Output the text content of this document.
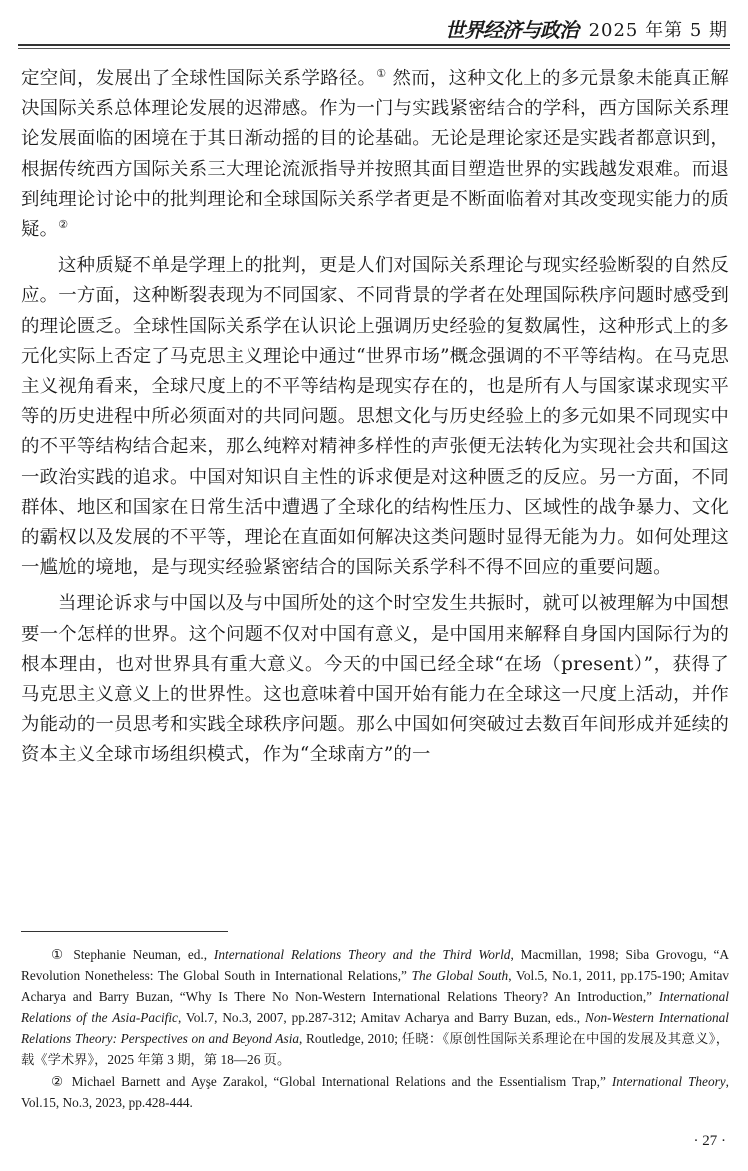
世界经济与政治 2025 年第 5 期

定空间，发展出了全球性国际关系学路径。① 然而，这种文化上的多元景象未能真正解决国际关系总体理论发展的迟滞感。作为一门与实践紧密结合的学科，西方国际关系理论发展面临的困境在于其日渐动摇的目的论基础。无论是理论家还是实践者都意识到，根据传统西方国际关系三大理论流派指导并按照其面目塑造世界的实践越发艰难。而退到纯理论讨论中的批判理论和全球国际关系学者更是不断面临着对其改变现实能力的质疑。②

这种质疑不单是学理上的批判，更是人们对国际关系理论与现实经验断裂的自然反应。一方面，这种断裂表现为不同国家、不同背景的学者在处理国际秩序问题时感受到的理论匮乏。全球性国际关系学在认识论上强调历史经验的复数属性，这种形式上的多元化实际上否定了马克思主义理论中通过“世界市场”概念强调的不平等结构。在马克思主义视角看来，全球尺度上的不平等结构是现实存在的，也是所有人与国家谋求现实平等的历史进程中所必须面对的共同问题。思想文化与历史经验上的多元如果不同现实中的不平等结构结合起来，那么纯粹对精神多样性的声张便无法转化为实现社会共和国这一政治实践的追求。中国对知识自主性的诉求便是对这种匮乏的反应。另一方面，不同群体、地区和国家在日常生活中遭遇了全球化的结构性压力、区域性的战争暴力、文化的霸权以及发展的不平等，理论在直面如何解决这类问题时显得无能为力。如何处理这一尴尬的境地，是与现实经验紧密结合的国际关系学科不得不回应的重要问题。

当理论诉求与中国以及与中国所处的这个时空发生共振时，就可以被理解为中国想要一个怎样的世界。这个问题不仅对中国有意义，是中国用来解释自身国内国际行为的根本理由，也对世界具有重大意义。今天的中国已经全球“在场（present）”，获得了马克思主义意义上的世界性。这也意味着中国开始有能力在全球这一尺度上活动，并作为能动的一员思考和实践全球秩序问题。那么中国如何突破过去数百年间形成并延续的资本主义全球市场组织模式，作为“全球南方”的一

① Stephanie Neuman, ed., International Relations Theory and the Third World, Macmillan, 1998; Siba Grovogu, “A Revolution Nonetheless: The Global South in International Relations,” The Global South, Vol.5, No.1, 2011, pp.175-190; Amitav Acharya and Barry Buzan, “Why Is There No Non-Western International Relations Theory? An Introduction,” International Relations of the Asia-Pacific, Vol.7, No.3, 2007, pp.287-312; Amitav Acharya and Barry Buzan, eds., Non-Western International Relations Theory: Perspectives on and Beyond Asia, Routledge, 2010; 任晓：《原创性国际关系理论在中国的发展及其意义》，载《学术界》，2025 年第 3 期，第 18—26 页。

② Michael Barnett and Ayşe Zarakol, “Global International Relations and the Essentialism Trap,” International Theory, Vol.15, No.3, 2023, pp.428-444.

· 27 ·
